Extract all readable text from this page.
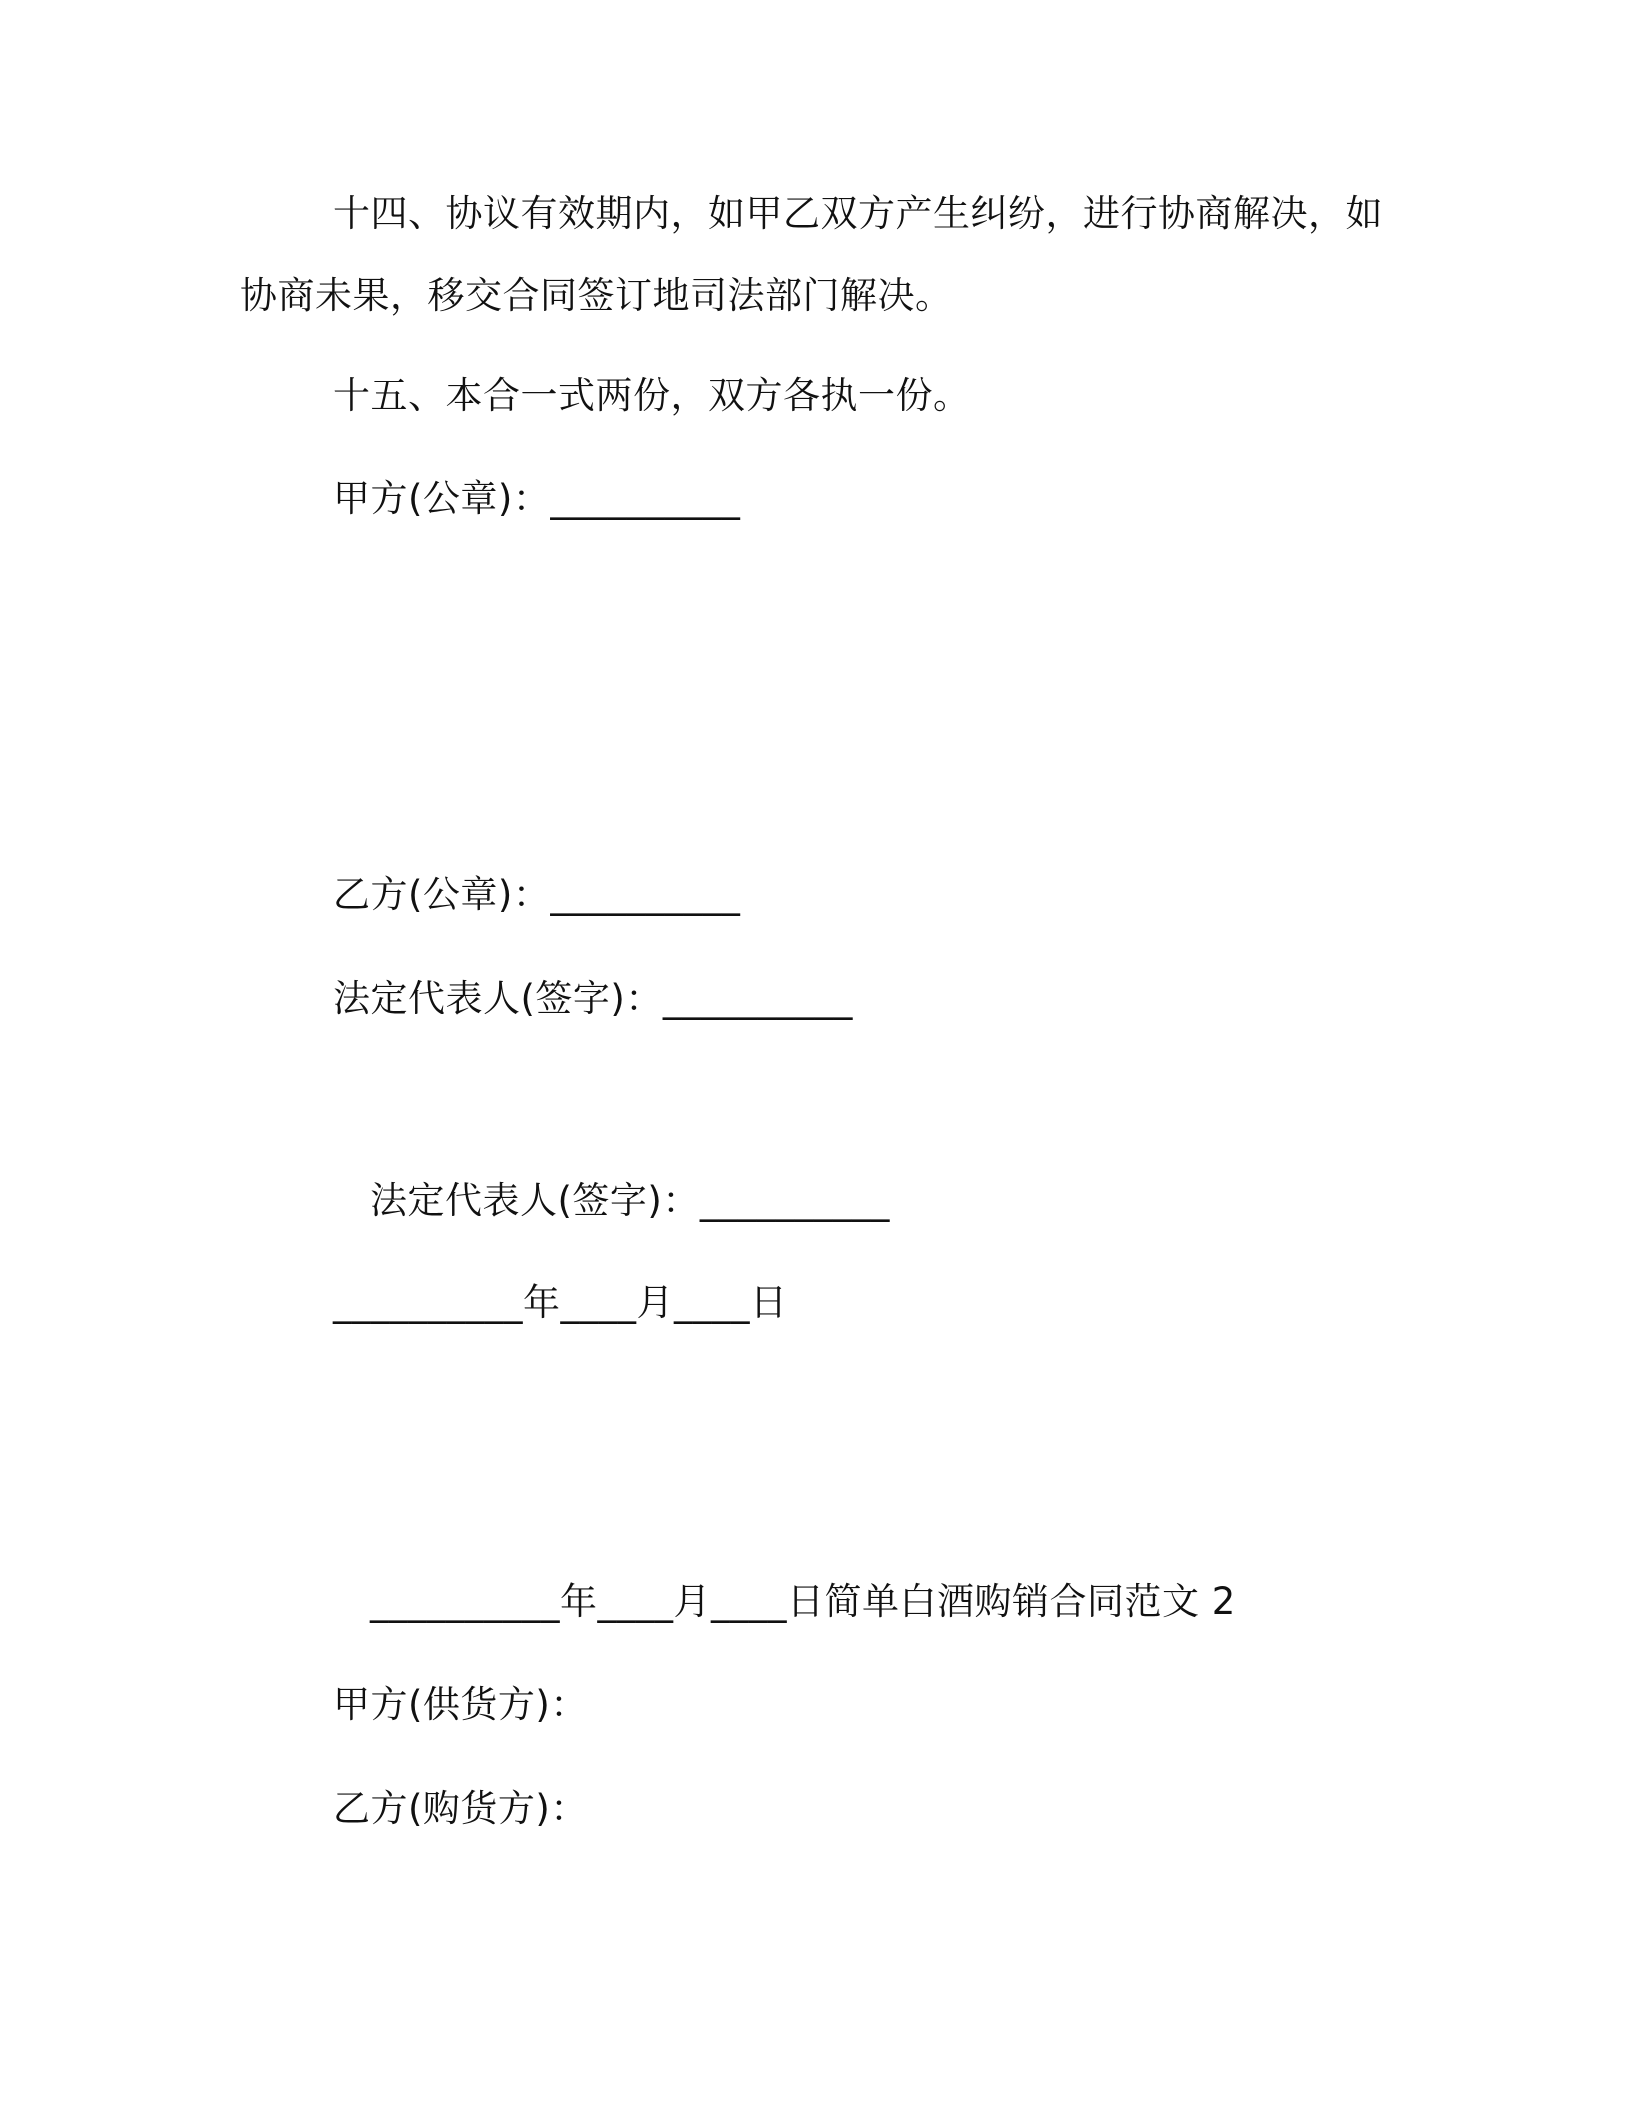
十四、协议有效期内，如甲乙双方产生纠纷，进行协商解决，如
协商未果，移交合同签订地司法部门解决。
十五、本合一式两份，双方各执一份。
甲方(公章)：__________
乙方(公章)：__________
法定代表人(签字)：__________
法定代表人(签字)：__________
__________年____月____日
__________年____月____日简单白酒购销合同范文 2
甲方(供货方)：
乙方(购货方)：
